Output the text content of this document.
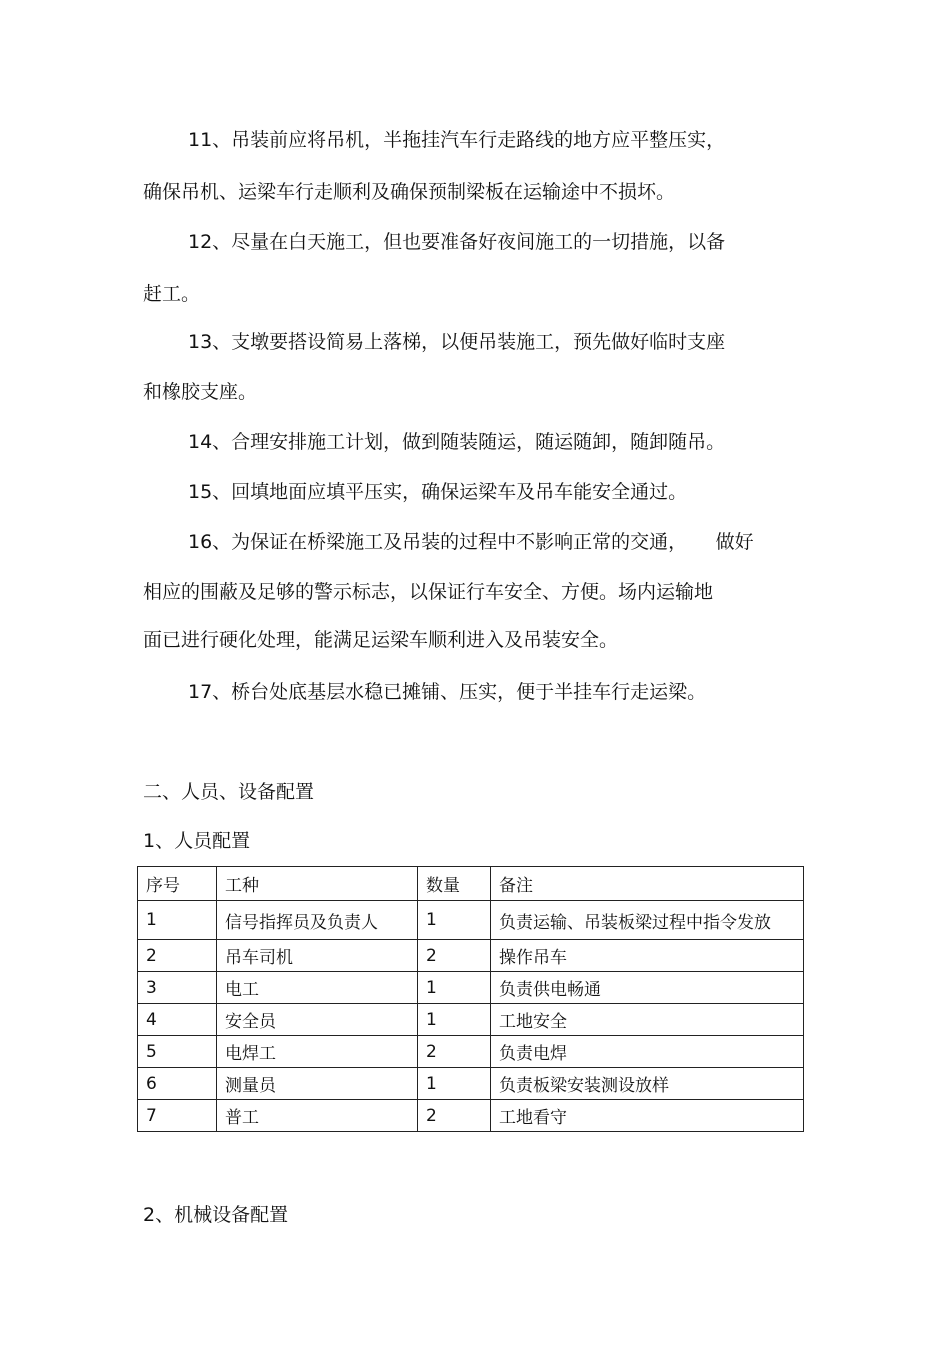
11、吊装前应将吊机，半拖挂汽车行走路线的地方应平整压实，
确保吊机、运梁车行走顺利及确保预制梁板在运输途中不损坏。
12、尽量在白天施工，但也要准备好夜间施工的一切措施，以备
赶工。
13、支墩要搭设简易上落梯，以便吊装施工，预先做好临时支座
和橡胶支座。
14、合理安排施工计划，做到随装随运，随运随卸，随卸随吊。
15、回填地面应填平压实，确保运梁车及吊车能安全通过。
16、为保证在桥梁施工及吊装的过程中不影响正常的交通，　　做好
相应的围蔽及足够的警示标志，以保证行车安全、方便。场内运输地
面已进行硬化处理，能满足运梁车顺利进入及吊装安全。
17、桥台处底基层水稳已摊铺、压实，便于半挂车行走运梁。
二、人员、设备配置
1、人员配置
序号	工种	数量	备注
1	信号指挥员及负责人	1	负责运输、吊装板梁过程中指令发放
2	吊车司机	2	操作吊车
3	电工	1	负责供电畅通
4	安全员	1	工地安全
5	电焊工	2	负责电焊
6	测量员	1	负责板梁安装测设放样
7	普工	2	工地看守
2、机械设备配置
